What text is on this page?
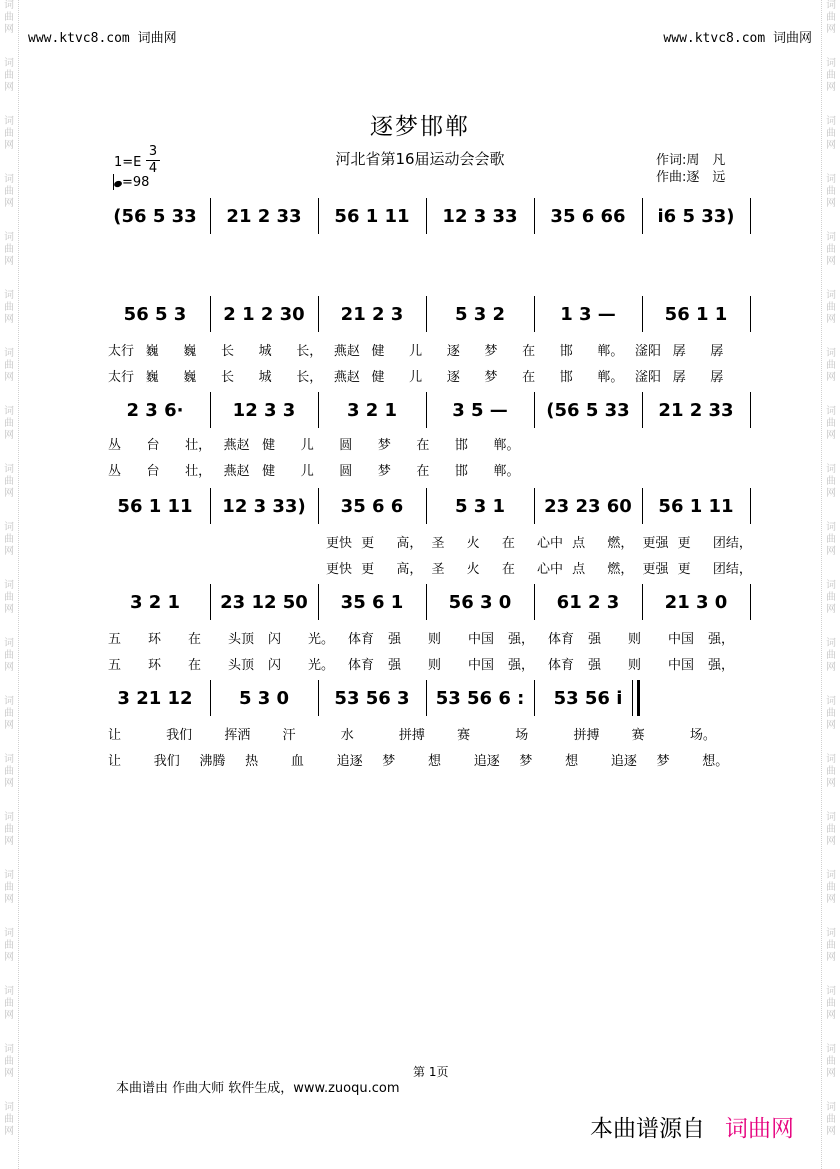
词
曲
网
词
曲
网
词
曲
网
词
曲
网
词
曲
网
词
曲
网
词
曲
网
词
曲
网
词
曲
网
词
曲
网
词
曲
网
词
曲
网
词
曲
网
词
曲
网
词
曲
网
词
曲
网
词
曲
网
词
曲
网
词
曲
网
词
曲
网
词
曲
网
词
曲
网
词
曲
网
词
曲
网
词
曲
网
词
曲
网
词
曲
网
词
曲
网
词
曲
网
词
曲
网
词
曲
网
词
曲
网
词
曲
网
词
曲
网
词
曲
网
词
曲
网
词
曲
网
词
曲
网
词
曲
网
词
曲
网
www.ktvc8.com 词曲网	www.ktvc8.com 词曲网
逐梦邯郸
河北省第16届运动会会歌
1=E
3
4
=98
作词:周　凡
作曲:逐　远
(56 5 33	21 2 33	56 1 11	12 3 33	35 6 66	i6 5 33)
56 5 3	2 1 2 30	21 2 3	5 3 2	1 3 —	56 1 1
太行 巍 巍 长 城 长， 燕赵 健 儿 逐 梦 在 邯 郸。 滏阳 孱 孱
太行 巍 巍 长 城 长， 燕赵 健 儿 逐 梦 在 邯 郸。 滏阳 孱 孱
2 3 6·	12 3 3	3 2 1	3 5 —	(56 5 33	21 2 33
丛 台 壮， 燕赵 健 儿 圆 梦 在 邯 郸。
丛 台 壮， 燕赵 健 儿 圆 梦 在 邯 郸。
56 1 11	12 3 33)	35 6 6	5 3 1	23 23 60	56 1 11
更快 更 高， 圣 火 在 心中 点 燃， 更强 更 团结，
更快 更 高， 圣 火 在 心中 点 燃， 更强 更 团结，
3 2 1	23 12 50	35 6 1	56 3 0	61 2 3	21 3 0
五 环 在 头顶 闪 光。 体育 强 则 中国 强， 体育 强 则 中国 强，
五 环 在 头顶 闪 光。 体育 强 则 中国 强， 体育 强 则 中国 强，
3 21 12	5 3 0	53 56 3	53 56 6 :	53 56 i
让	我们 挥洒 汗	水	拼搏 赛	场	拼搏 赛	场。
让	我们 沸腾 热	血	追逐 梦	想	追逐 梦	想	追逐 梦	想。
第 1页
本曲谱由 作曲大师 软件生成，www.zuoqu.com
本曲谱源自 词曲网
